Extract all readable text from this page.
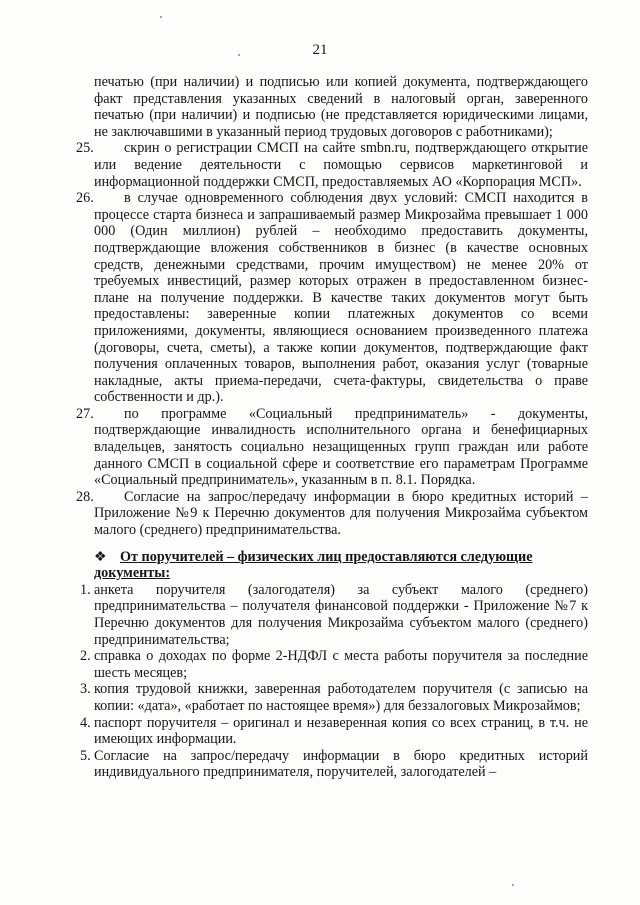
21

печатью (при наличии) и подписью или копией документа, подтверждающего факт представления указанных сведений в налоговый орган, заверенного печатью (при наличии) и подписью (не представляется юридическими лицами, не заключавшими в указанный период трудовых договоров с работниками);

25.	скрин о регистрации СМСП на сайте smbn.ru, подтверждающего открытие или ведение деятельности с помощью сервисов маркетинговой и информационной поддержки СМСП, предоставляемых АО «Корпорация МСП».

26.	в случае одновременного соблюдения двух условий: СМСП находится в процессе старта бизнеса и запрашиваемый размер Микрозайма превышает 1 000 000 (Один миллион) рублей – необходимо предоставить документы, подтверждающие вложения собственников в бизнес (в качестве основных средств, денежными средствами, прочим имуществом) не менее 20% от требуемых инвестиций, размер которых отражен в предоставленном бизнес-плане на получение поддержки. В качестве таких документов могут быть предоставлены: заверенные копии платежных документов со всеми приложениями, документы, являющиеся основанием произведенного платежа (договоры, счета, сметы), а также копии документов, подтверждающие факт получения оплаченных товаров, выполнения работ, оказания услуг (товарные накладные, акты приема-передачи, счета-фактуры, свидетельства о праве собственности и др.).

27.	по программе «Социальный предприниматель» - документы, подтверждающие инвалидность исполнительного органа и бенефициарных владельцев, занятость социально незащищенных групп граждан или работе данного СМСП в социальной сфере и соответствие его параметрам Программе «Социальный предприниматель», указанным в п. 8.1. Порядка.

28.	Согласие на запрос/передачу информации в бюро кредитных историй – Приложение №9 к Перечню документов для получения Микрозайма субъектом малого (среднего) предпринимательства.

❖ От поручителей – физических лиц предоставляются следующие
документы:
1. анкета поручителя (залогодателя) за субъект малого (среднего) предпринимательства – получателя финансовой поддержки - Приложение №7 к Перечню документов для получения Микрозайма субъектом малого (среднего) предпринимательства;

2. справка о доходах по форме 2-НДФЛ с места работы поручителя за последние шесть месяцев;

3. копия трудовой книжки, заверенная работодателем поручителя (с записью на копии: «дата», «работает по настоящее время») для беззалоговых Микрозаймов;

4. паспорт поручителя – оригинал и незаверенная копия со всех страниц, в т.ч. не имеющих информации.

5. Согласие на запрос/передачу информации в бюро кредитных историй индивидуального предпринимателя, поручителей, залогодателей –
